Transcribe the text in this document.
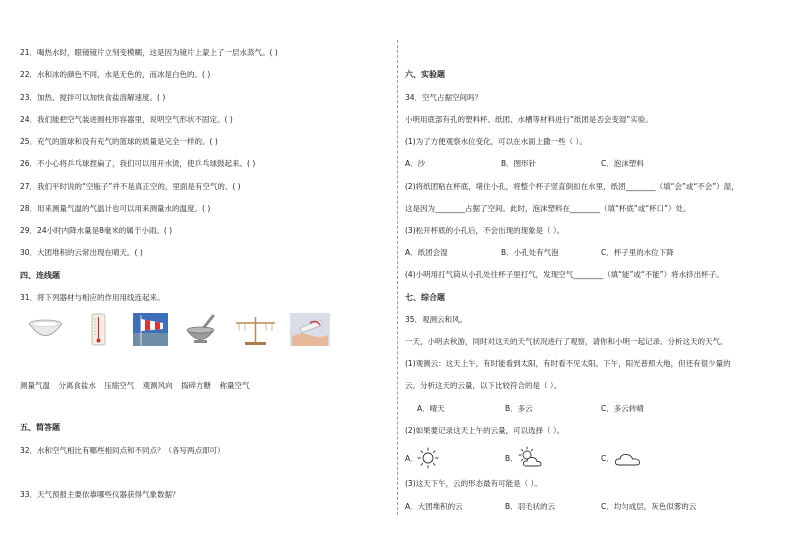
21．喝热水时，眼镜镜片立刻变模糊，这是因为镜片上蒙上了一层水蒸气。( )
22．水和冰的颜色不同，水是无色的，而冰是白色的。( )
23．加热、搅拌可以加快食盐溶解速度。( )
24．我们能把空气装进圆柱形容器里，说明空气形状不固定。( )
25．充气的篮球和没有充气的篮球的质量是完全一样的。( )
26．不小心将乒乓球捏扁了，我们可以用开水烫，使乒乓球鼓起来。( )
27．我们平时说的“空瓶子”并不是真正空的，里面是有空气的。( )
28．用来测量气温的气温计也可以用来测量水的温度。( )
29．24小时内降水量是8毫米的属于小雨。( )
30．大团堆积的云常出现在晴天。( )
四、连线题
31．将下列器材与相应的作用用线连起来。
测量气温 分离食盐水 压缩空气 观测风向 捣碎方糖 称量空气
五、简答题
32．水和空气相比有哪些相同点和不同点？（各写两点即可）
33．天气预报主要依靠哪些仪器获得气象数据？
六、实验题
34．空气占据空间吗？
小明用底部有孔的塑料杯、纸团、水槽等材料进行“纸团是否会变湿”实验。
(1)为了方便观察水位变化，可以在水面上撒一些（ ）。
A．沙	B．图形针	C．泡沫塑料
(2)将纸团粘在杯底，堵住小孔，将整个杯子竖直倒扣在水里，纸团________（填“会”或“不会”）湿，
这是因为________占据了空间。此时，泡沫塑料在________（填“杯底”或“杯口”）处。
(3)松开杯底的小孔后，不会出现的现象是（ ）。
A．纸团会湿	B．小孔处有气泡	C．杯子里的水位下降
(4)小明用打气筒从小孔处往杯子里打气，发现空气________（填“能”或“不能”）将水挤出杯子。
七、综合题
35．观测云和风。
一天，小明去秋游，同时对这天的天气状况进行了观察，请你和小明一起记录、分析这天的天气。
(1)观测云：这天上午，有时能看到太阳，有时看不见太阳。下午，阳光普照大地，但还有很少量的
云。分析这天的云量，以下比较符合的是（ ）。
A．晴天	B．多云	C．多云转晴
(2)如果要记录这天上午的云量，可以选择（ ）。
A．	B．	C．
(3)这天下午，云的形态最有可能是（ ）。
A．大团堆积的云	B．羽毛状的云	C．均匀成层，灰色似雾的云
